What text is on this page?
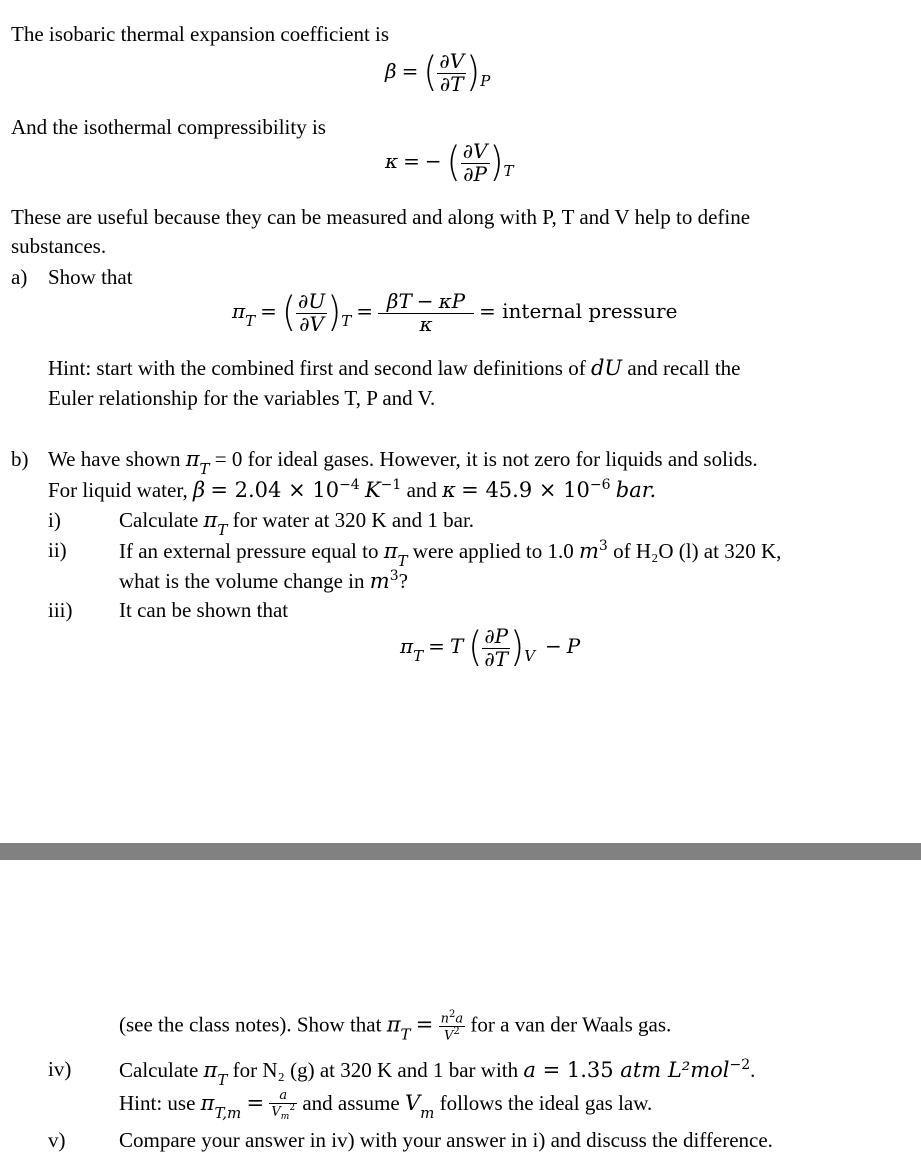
The isobaric thermal expansion coefficient is
β = ( $\frac{\partial V}{\partial T} )_P$
And the isothermal compressibility is
κ = − ( $\frac{\partial V}{\partial P} )_T$
These are useful because they can be measured and along with P, T and V help to define
substances.
a) Show that
$\pi_T$ = ( $\frac{\partial U}{\partial V} )_T = \frac{\beta T - \kappa P}{\kappa}$ = internal pressure
Hint: start with the combined first and second law definitions of dU and recall the
Euler relationship for the variables T, P and V.
b) We have shown $\pi_T = 0$ for ideal gases. However, it is not zero for liquids and solids.
For liquid water, $\beta = 2.04 \times 10^{-4}$ $K^{-1}$ and $\kappa = 45.9 \times 10^{-6}$ bar.
i)	Calculate $\pi_T$ for water at 320 K and 1 bar.
ii) If an external pressure equal to $\pi_T$ were applied to 1.0 $m^3$ of H₂O (l) at 320 K,
what is the volume change in $m^3$?
iii) It can be shown that
$\pi_T = T$ ( $\frac{\partial P}{\partial T} )_V - P$
(see the class notes). Show that $\pi_T = \frac{n^2a}{V^2}$ for a van der Waals gas.
iv) Calculate $\pi_T$ for N₂ (g) at 320 K and 1 bar with a = 1.35 atm L²mol$^{-2}$.
Hint: use $\pi_{T,m} = \frac{a}{V_m^2}$ and assume $V_m$ follows the ideal gas law.
v)	Compare your answer in iv) with your answer in i) and discuss the difference.
